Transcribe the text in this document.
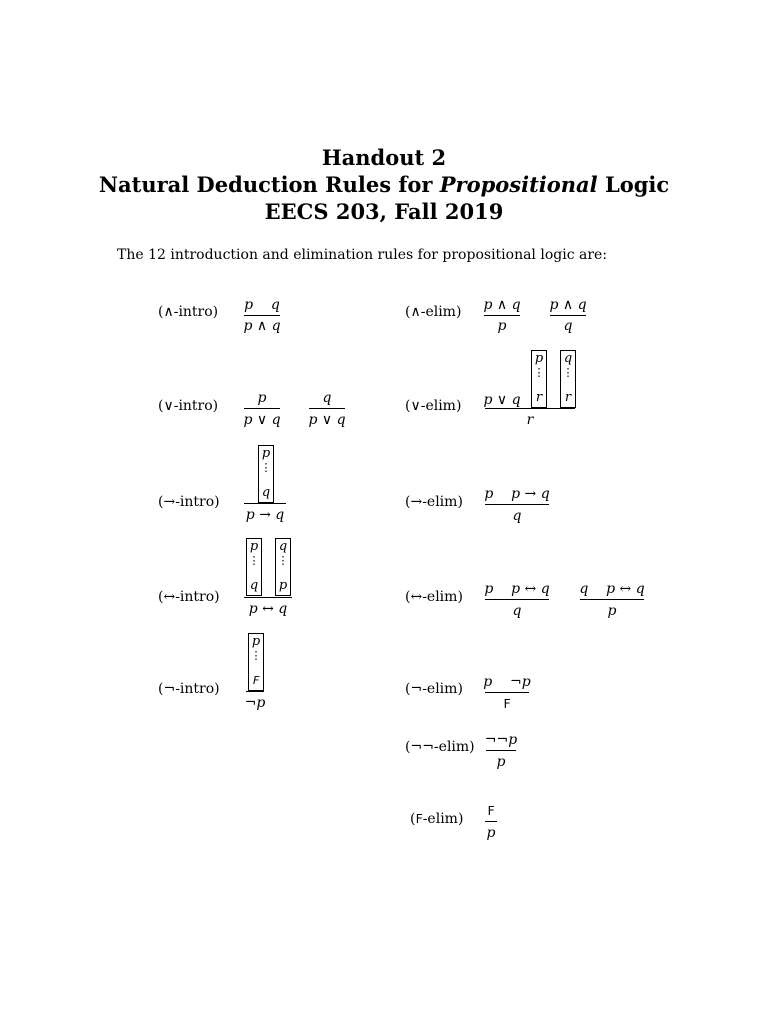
Handout 2
Natural Deduction Rules for Propositional Logic
EECS 203, Fall 2019
The 12 introduction and elimination rules for propositional logic are:
(∧-intro) p    q
p ∧ q
(∧-elim) p ∧ q
p
p ∧ q
q
(∨-intro)	p
p ∨ q
q
p ∨ q
(∨-elim) p ∨ q
p
⋮
r
q
⋮
r
r
(→-intro)
p
⋮
q
p → q
(→-elim) p    p → q
q
(↔-intro)
p
⋮
q
q
⋮
p
p ↔ q
(↔-elim) p    p ↔ q
q
q    p ↔ q
p
(¬-intro)
p
⋮
F
¬p
(¬-elim) p    ¬p
F
(¬¬-elim) ¬¬p
p
(F-elim) F
p
